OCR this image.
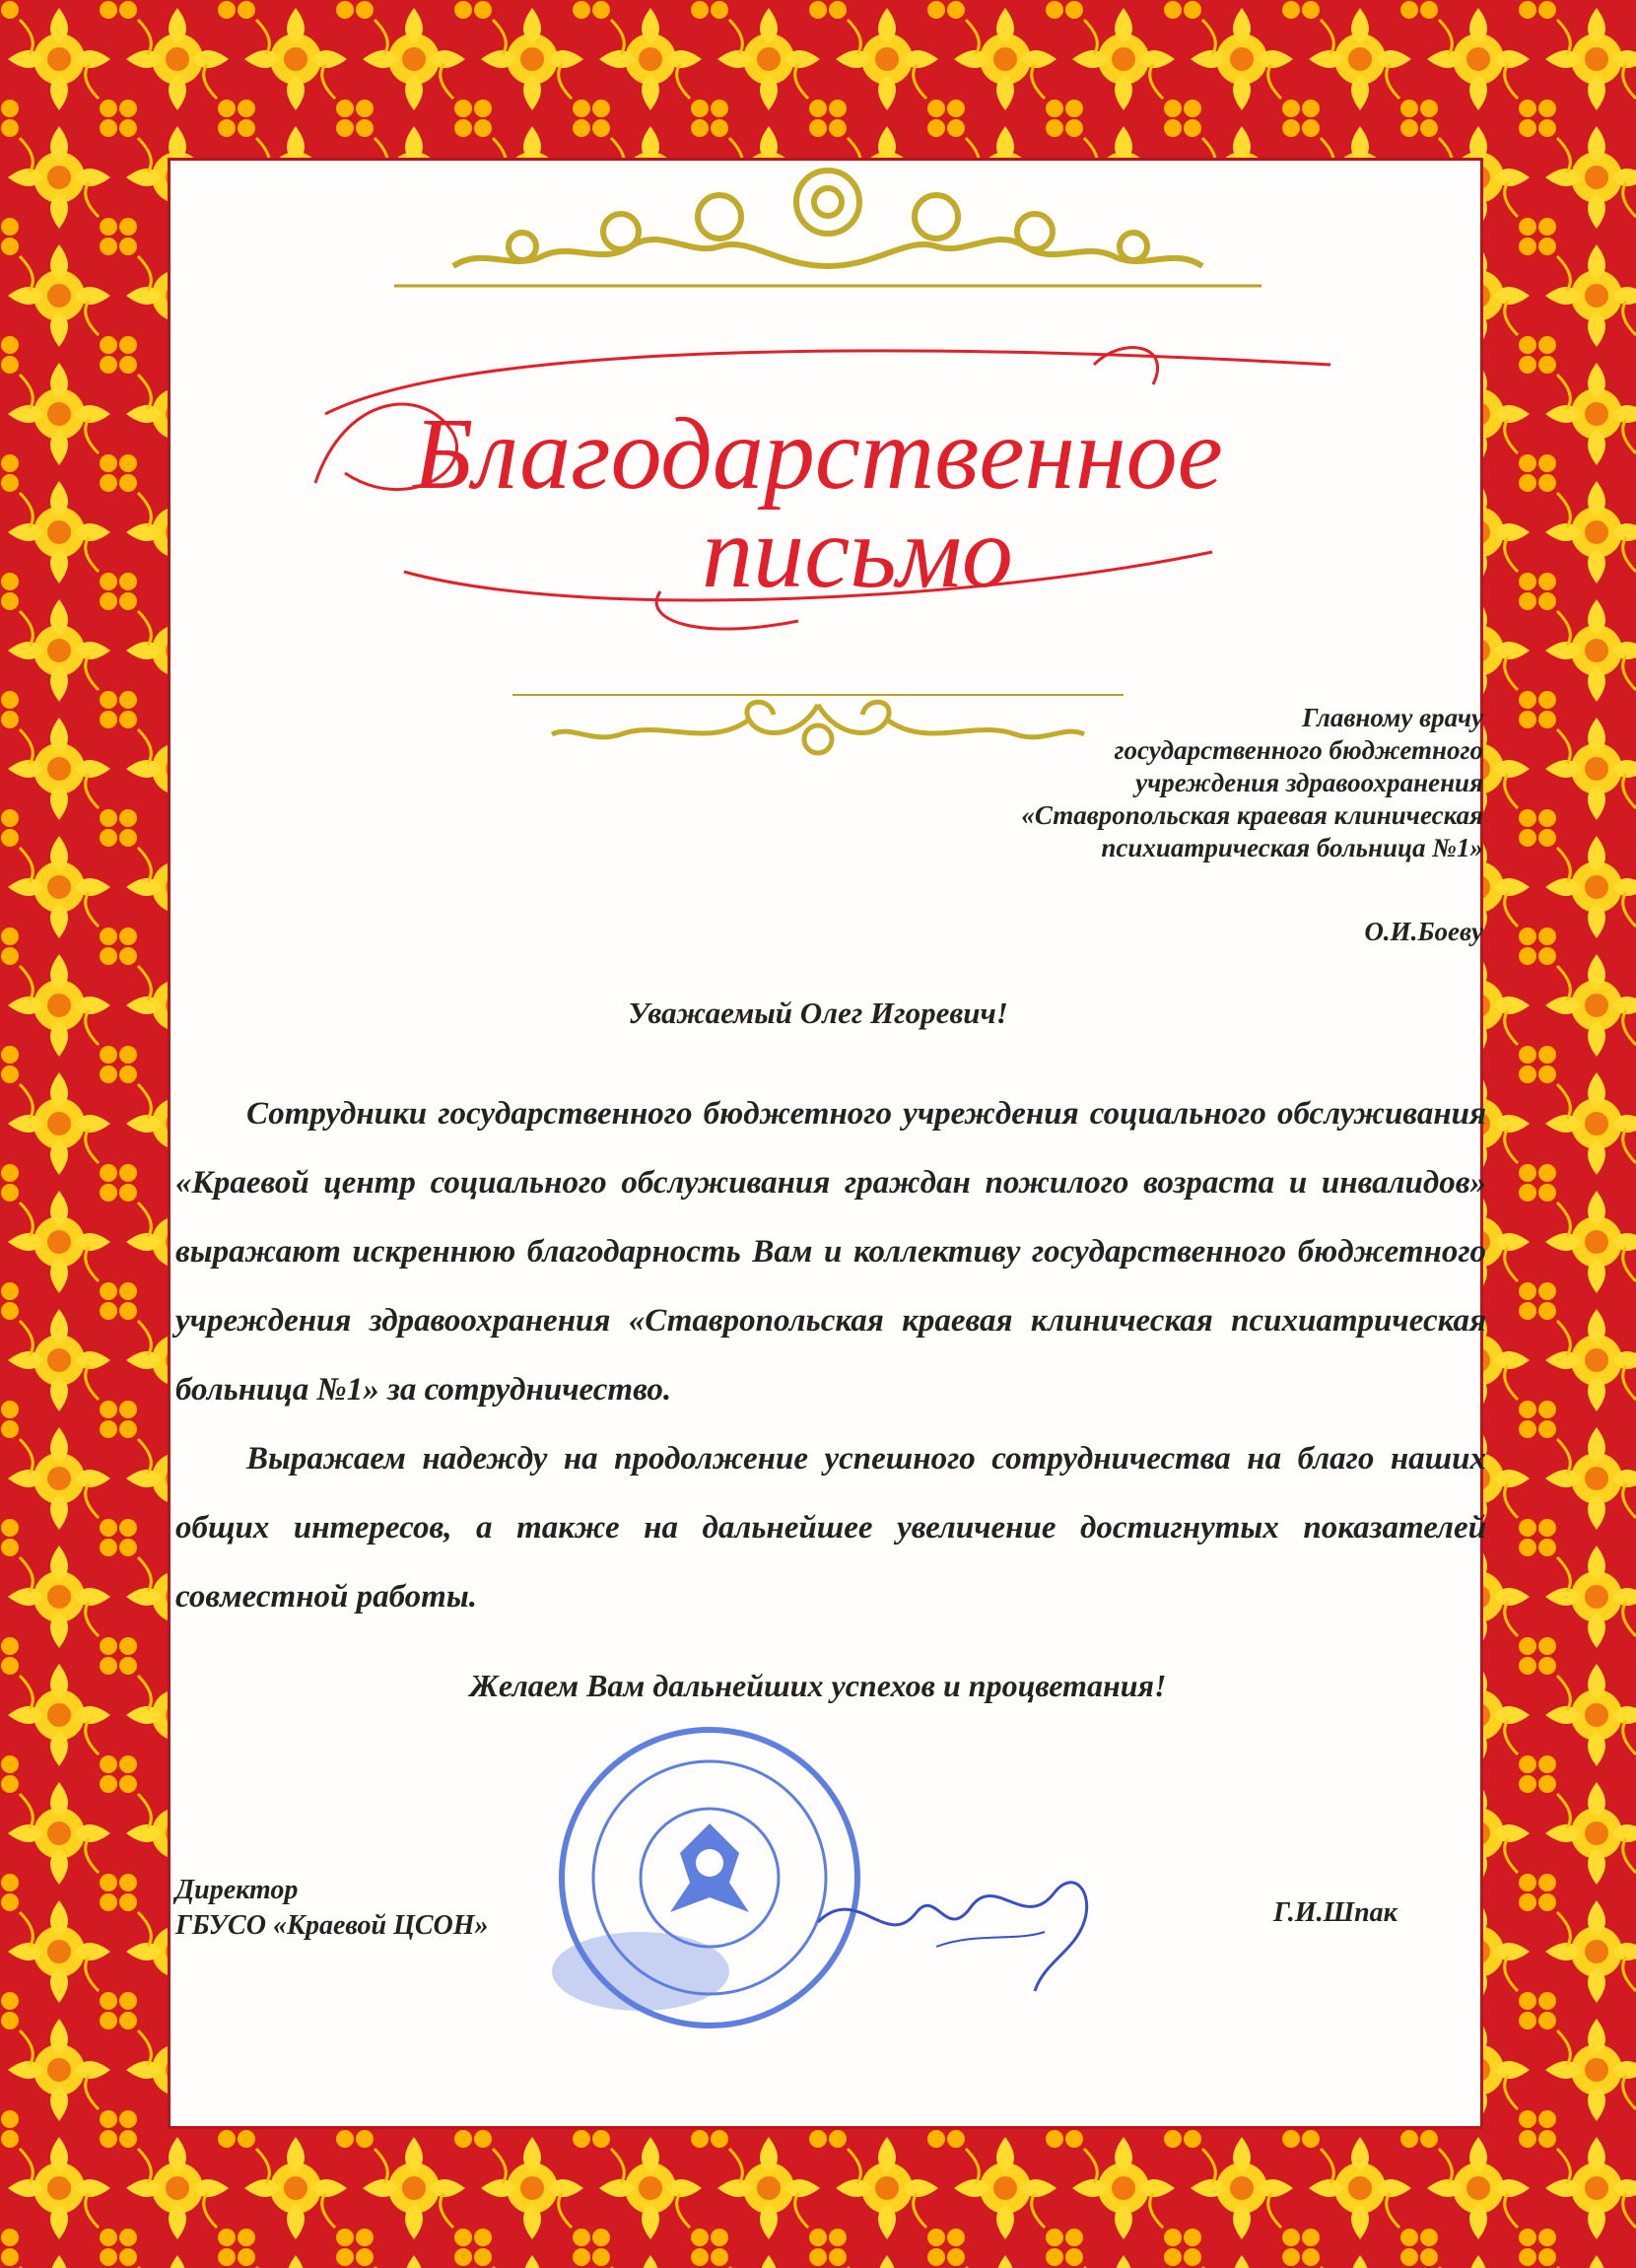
Благодарственное
письмо
Главному врачу
государственного бюджетного
учреждения здравоохранения
«Ставропольская краевая клиническая
психиатрическая больница №1»
О.И.Боеву
Уважаемый Олег Игоревич!

Сотрудники государственного бюджетного учреждения социального обслуживания «Краевой центр социального обслуживания граждан пожилого возраста и инвалидов» выражают искреннюю благодарность Вам и коллективу государственного бюджетного учреждения здравоохранения «Ставропольская краевая клиническая психиатрическая больница №1» за сотрудничество.

Выражаем надежду на продолжение успешного сотрудничества на благо наших общих интересов, а также на дальнейшее увеличение достигнутых показателей совместной работы.

Желаем Вам дальнейших успехов и процветания!
Директор
ГБУСО «Краевой ЦСОН»	Г.И.Шпак
